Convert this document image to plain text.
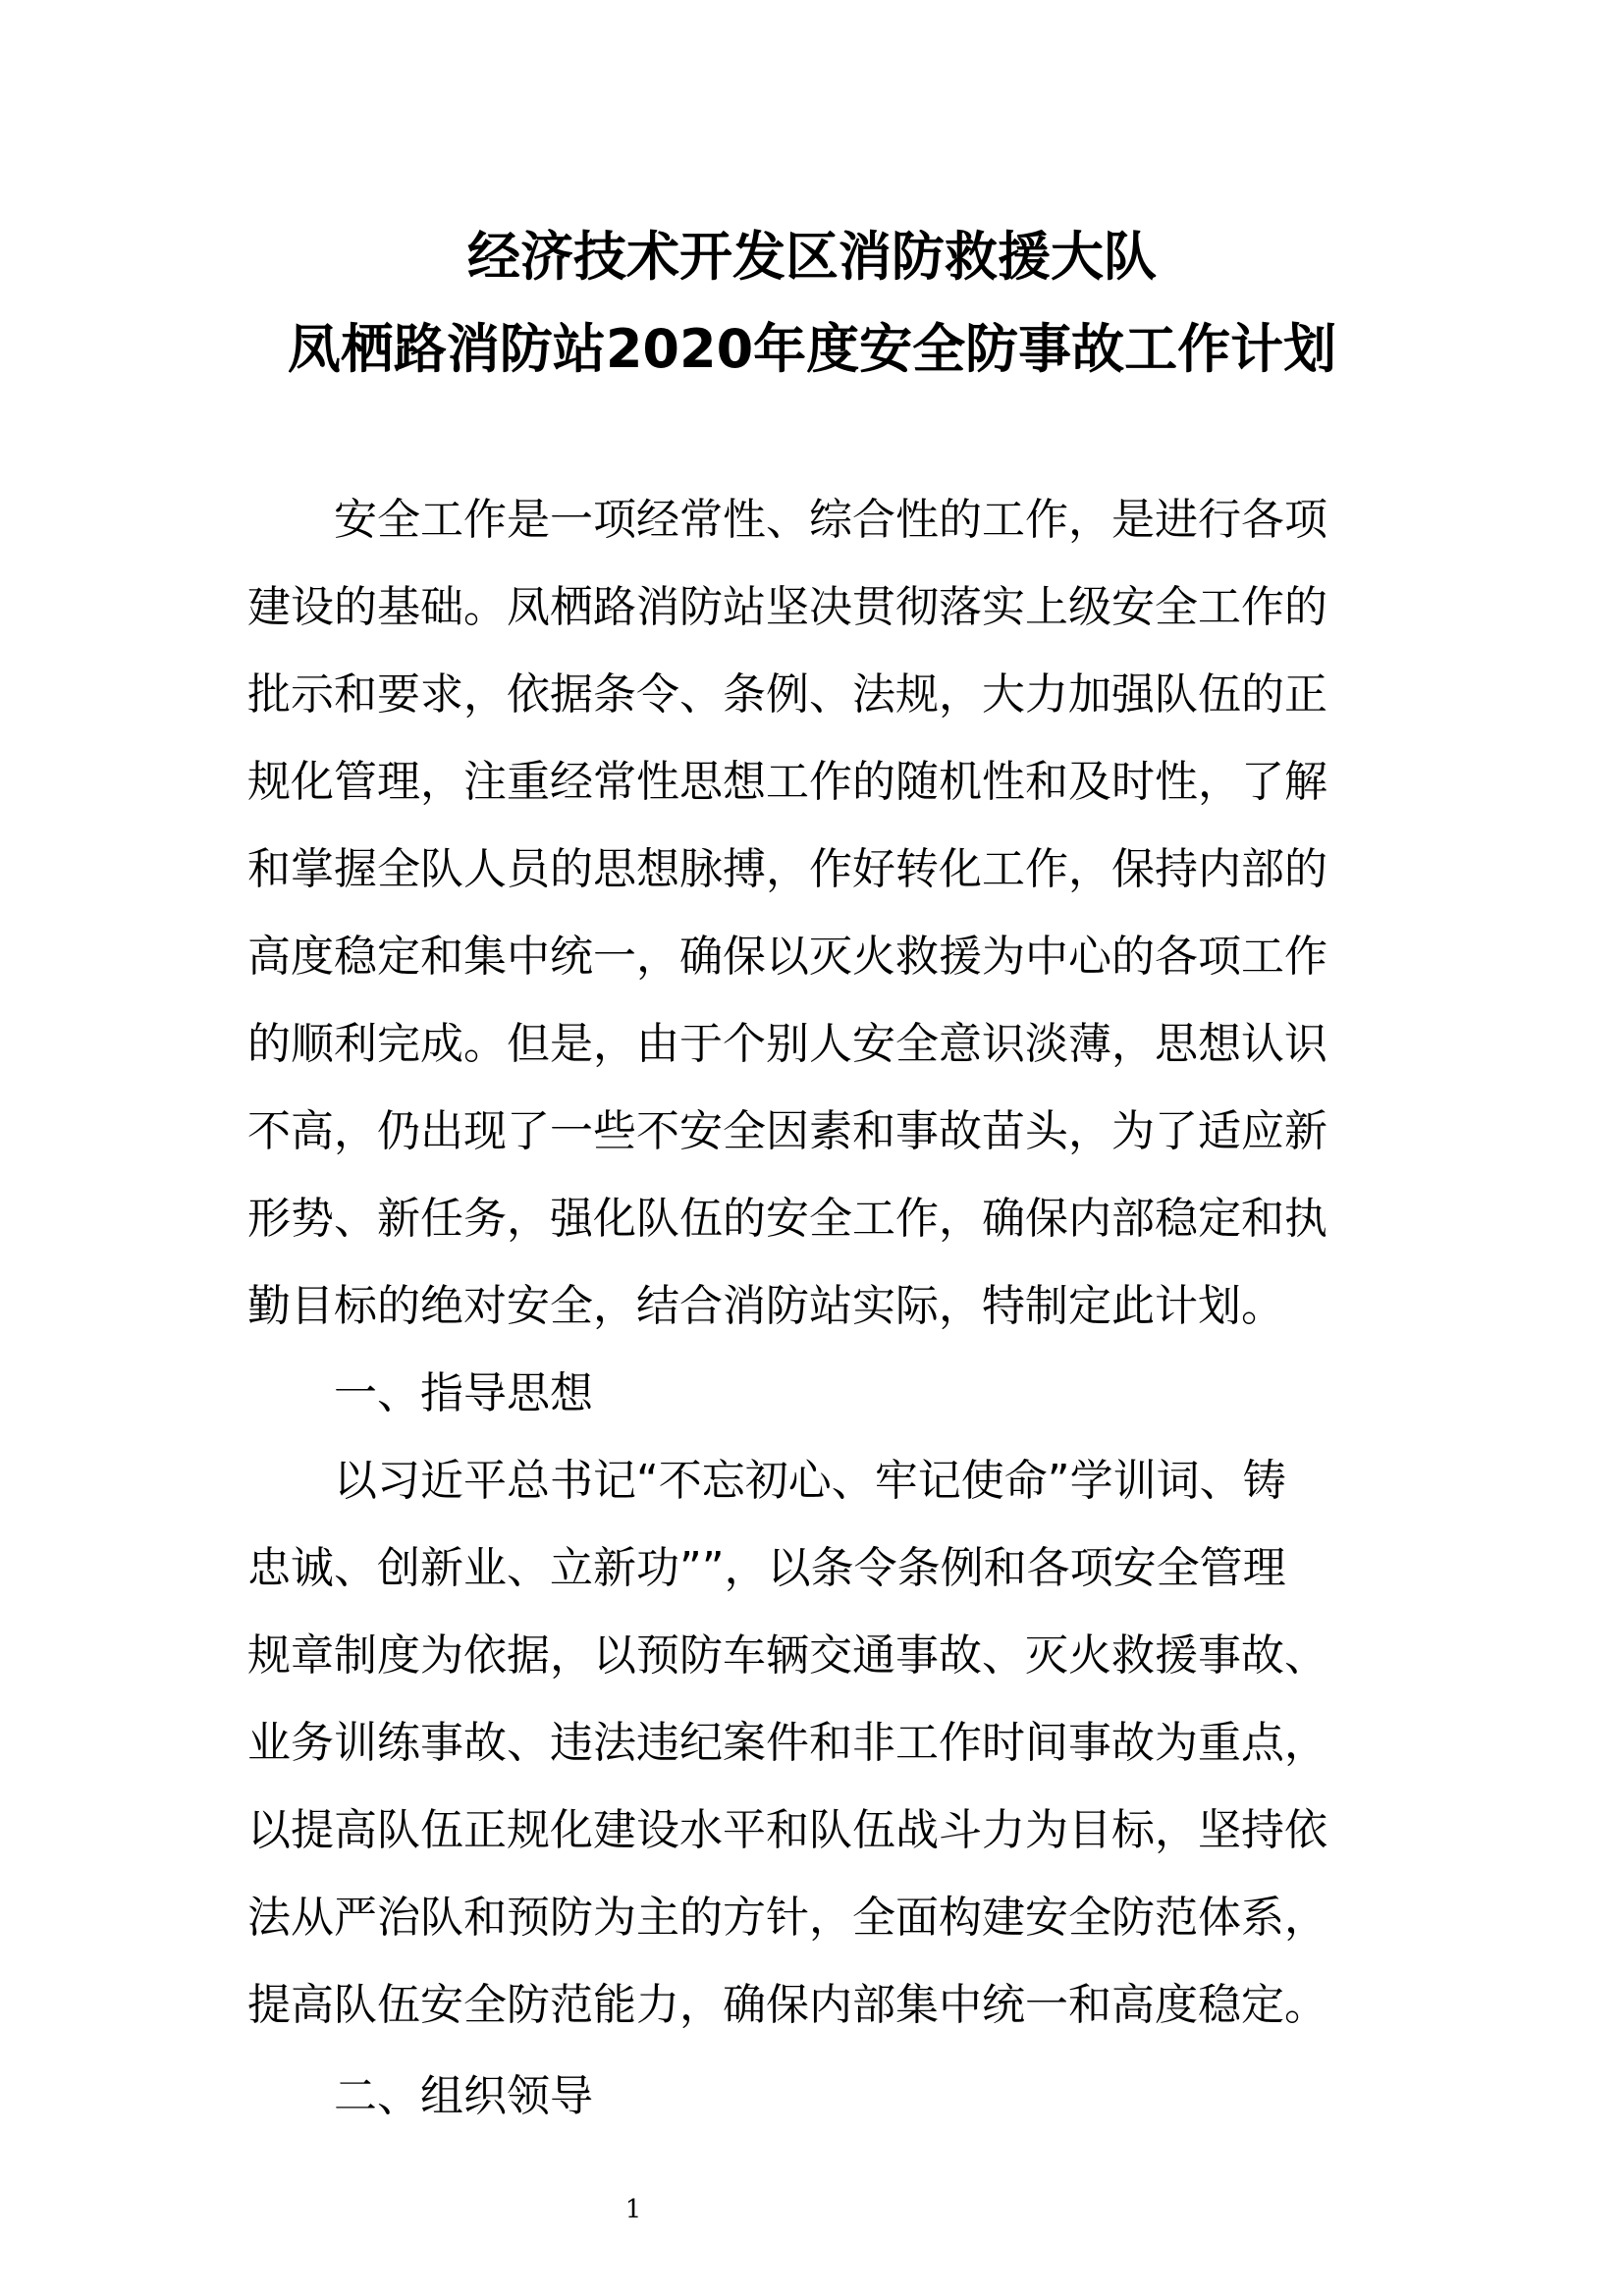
经济技术开发区消防救援大队
凤栖路消防站2020年度安全防事故工作计划
安全工作是一项经常性、综合性的工作，是进行各项
建设的基础。凤栖路消防站坚决贯彻落实上级安全工作的
批示和要求，依据条令、条例、法规，大力加强队伍的正
规化管理，注重经常性思想工作的随机性和及时性，了解
和掌握全队人员的思想脉搏，作好转化工作，保持内部的
高度稳定和集中统一，确保以灭火救援为中心的各项工作
的顺利完成。但是，由于个别人安全意识淡薄，思想认识
不高，仍出现了一些不安全因素和事故苗头，为了适应新
形势、新任务，强化队伍的安全工作，确保内部稳定和执
勤目标的绝对安全，结合消防站实际，特制定此计划。
一、指导思想
以习近平总书记“不忘初心、牢记使命”学训词、铸
忠诚、创新业、立新功””，以条令条例和各项安全管理
规章制度为依据，以预防车辆交通事故、灭火救援事故、
业务训练事故、违法违纪案件和非工作时间事故为重点，
以提高队伍正规化建设水平和队伍战斗力为目标，坚持依
法从严治队和预防为主的方针，全面构建安全防范体系，
提高队伍安全防范能力，确保内部集中统一和高度稳定。
二、组织领导
1
